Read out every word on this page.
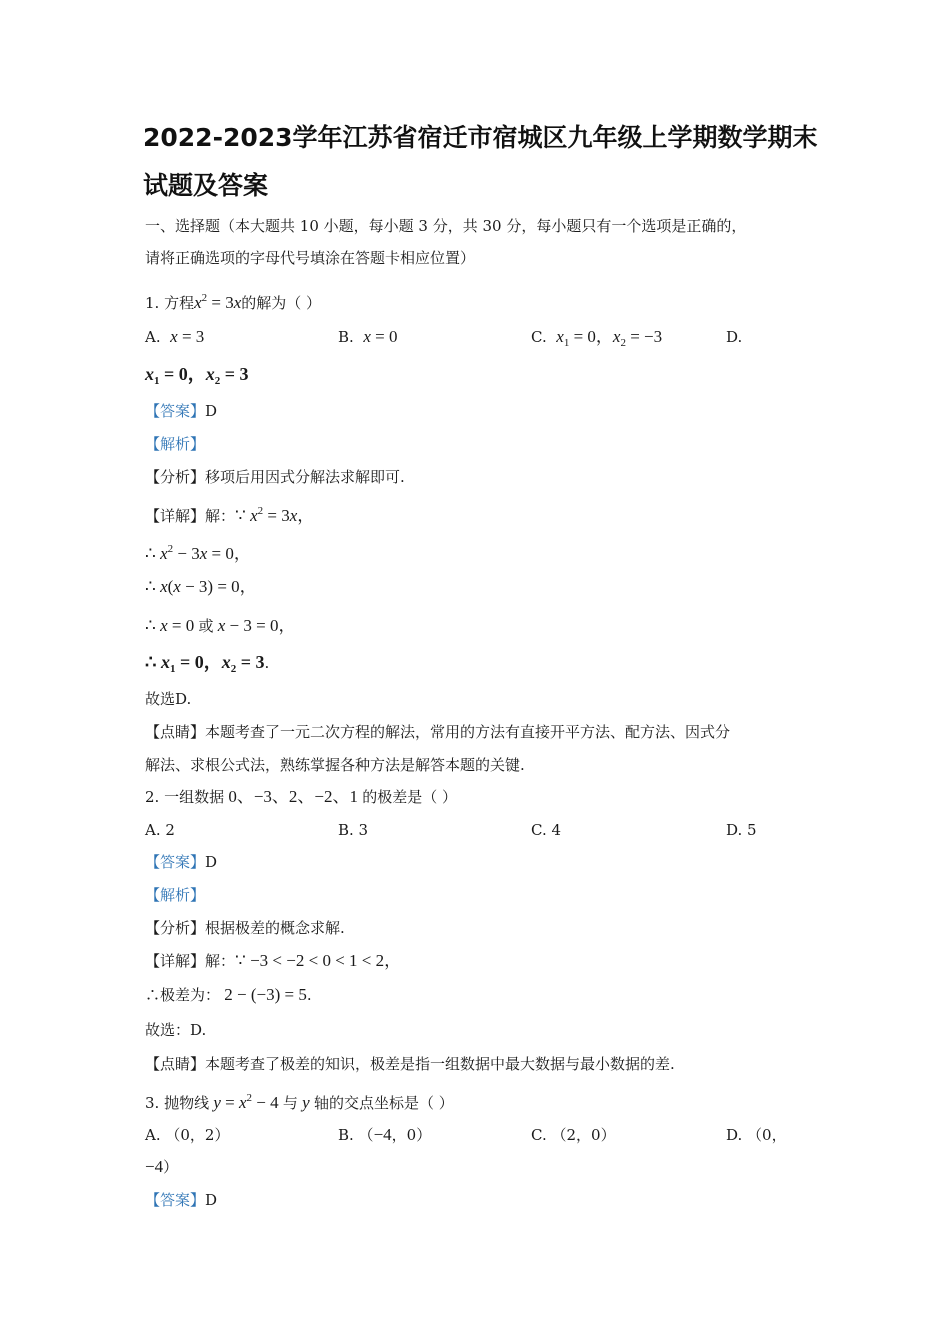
2022-2023学年江苏省宿迁市宿城区九年级上学期数学期末
试题及答案
一、选择题（本大题共 10 小题，每小题 3 分，共 30 分，每小题只有一个选项是正确的，
请将正确选项的字母代号填涂在答题卡相应位置）
1. 方程$x^2 = 3x$的解为（ ）
A. x = 3	B. x = 0	C. $x_1 = 0$，$x_2 = -3$	D.
$x_1 = 0$，$x_2 = 3$
【答案】D
【解析】
【分析】移项后用因式分解法求解即可.
【详解】解：∵ $x^2 = 3x$，
∴ $x^2 - 3x = 0$，
∴ x(x − 3) = 0，
∴ x = 0 或 x − 3 = 0，
∴ $x_1 = 0$，$x_2 = 3$.
故选D.
【点睛】本题考查了一元二次方程的解法，常用的方法有直接开平方法、配方法、因式分
解法、求根公式法，熟练掌握各种方法是解答本题的关键.
2. 一组数据 0、−3、2、−2、1 的极差是（ ）
A. 2	B. 3	C. 4	D. 5
【答案】D
【解析】
【分析】根据极差的概念求解.
【详解】解：∵ −3 < −2 < 0 < 1 < 2，
∴极差为： 2 − (−3) = 5.
故选：D.
【点睛】本题考查了极差的知识，极差是指一组数据中最大数据与最小数据的差.
3. 抛物线 $y = x^2 - 4$ 与 y 轴的交点坐标是（ ）
A. （0，2）	B. （−4，0）	C. （2，0）	D. （0，
−4）
【答案】D
